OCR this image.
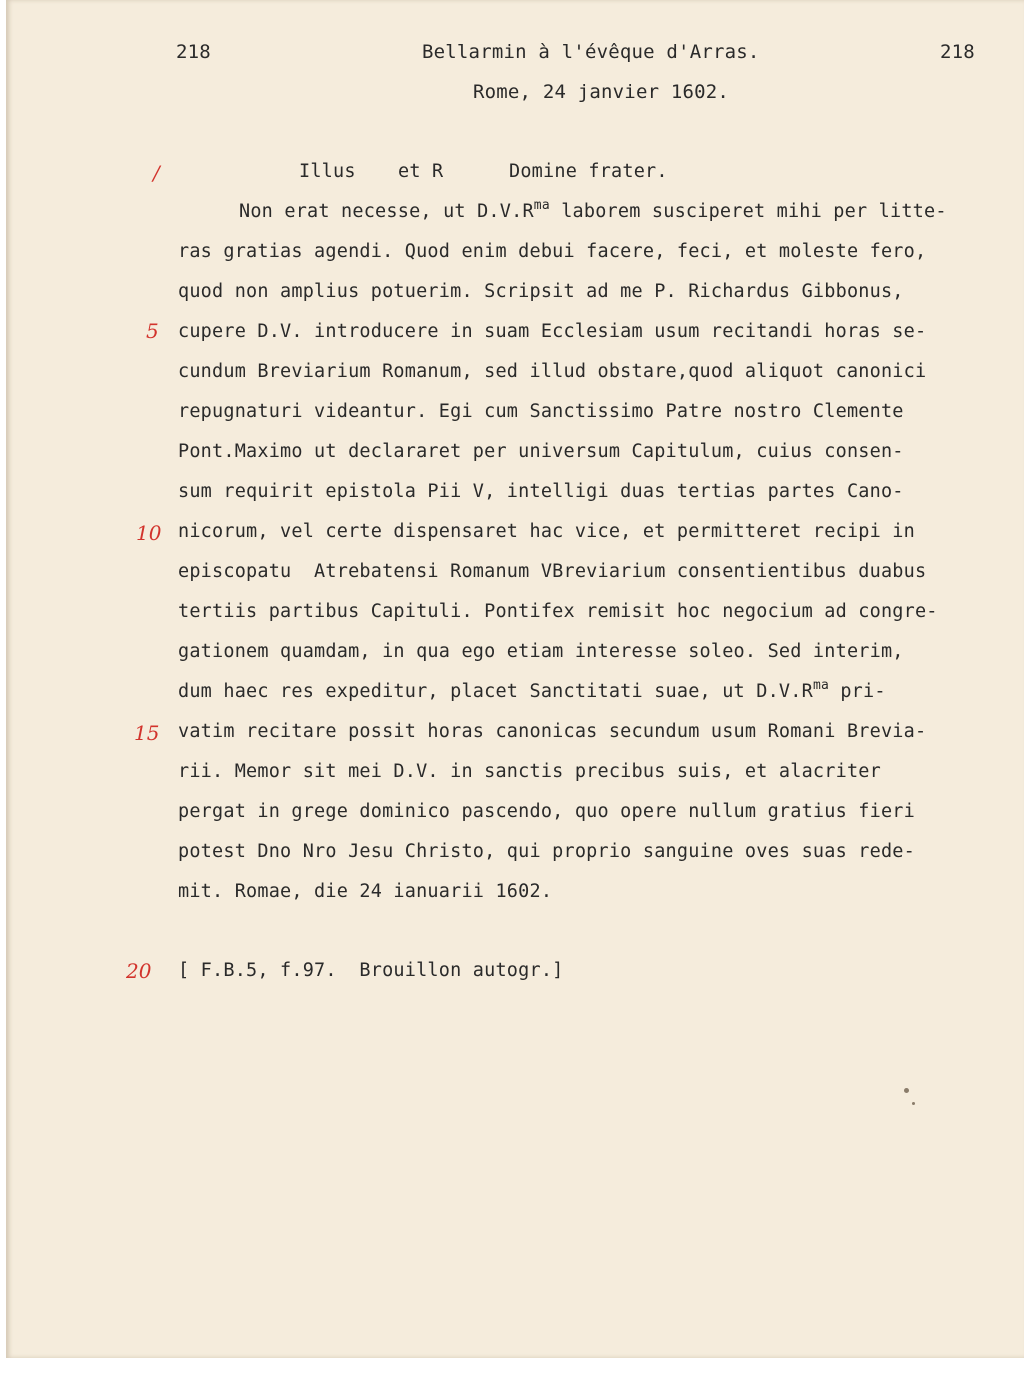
218	Bellarmin à l'évêque d'Arras.	218
Rome, 24 janvier 1602.
/
5
10
15
20
Illus et R	Domine frater.
Non erat necesse, ut $D.V.R^{ma}$ laborem susciperet mihi per litte-
ras gratias agendi. Quod enim debui facere, feci, et moleste fero,
quod non amplius potuerim. Scripsit ad me P. Richardus Gibbonus,
cupere D.V. introducere in suam Ecclesiam usum recitandi horas se-
cundum Breviarium Romanum, sed illud obstare,quod aliquot canonici
repugnaturi videantur. Egi cum Sanctissimo Patre nostro Clemente
Pont.Maximo ut declararet per universum Capitulum, cuius consen-
sum requirit epistola Pii V, intelligi duas tertias partes Cano-
nicorum, vel certe dispensaret hac vice, et permitteret recipi in
episcopatu  Atrebatensi Romanum VBreviarium consentientibus duabus
tertiis partibus Capituli. Pontifex remisit hoc negocium ad congre-
gationem quamdam, in qua ego etiam interesse soleo. Sed interim,
dum haec res expeditur, placet Sanctitati suae, ut $D.V.R^{ma}$ pri-
vatim recitare possit horas canonicas secundum usum Romani Brevia-
rii. Memor sit mei D.V. in sanctis precibus suis, et alacriter
pergat in grege dominico pascendo, quo opere nullum gratius fieri
potest Dno Nro Jesu Christo, qui proprio sanguine oves suas rede-
mit. Romae, die 24 ianuarii 1602.
[ F.B.5, f.97.  Brouillon autogr.]
